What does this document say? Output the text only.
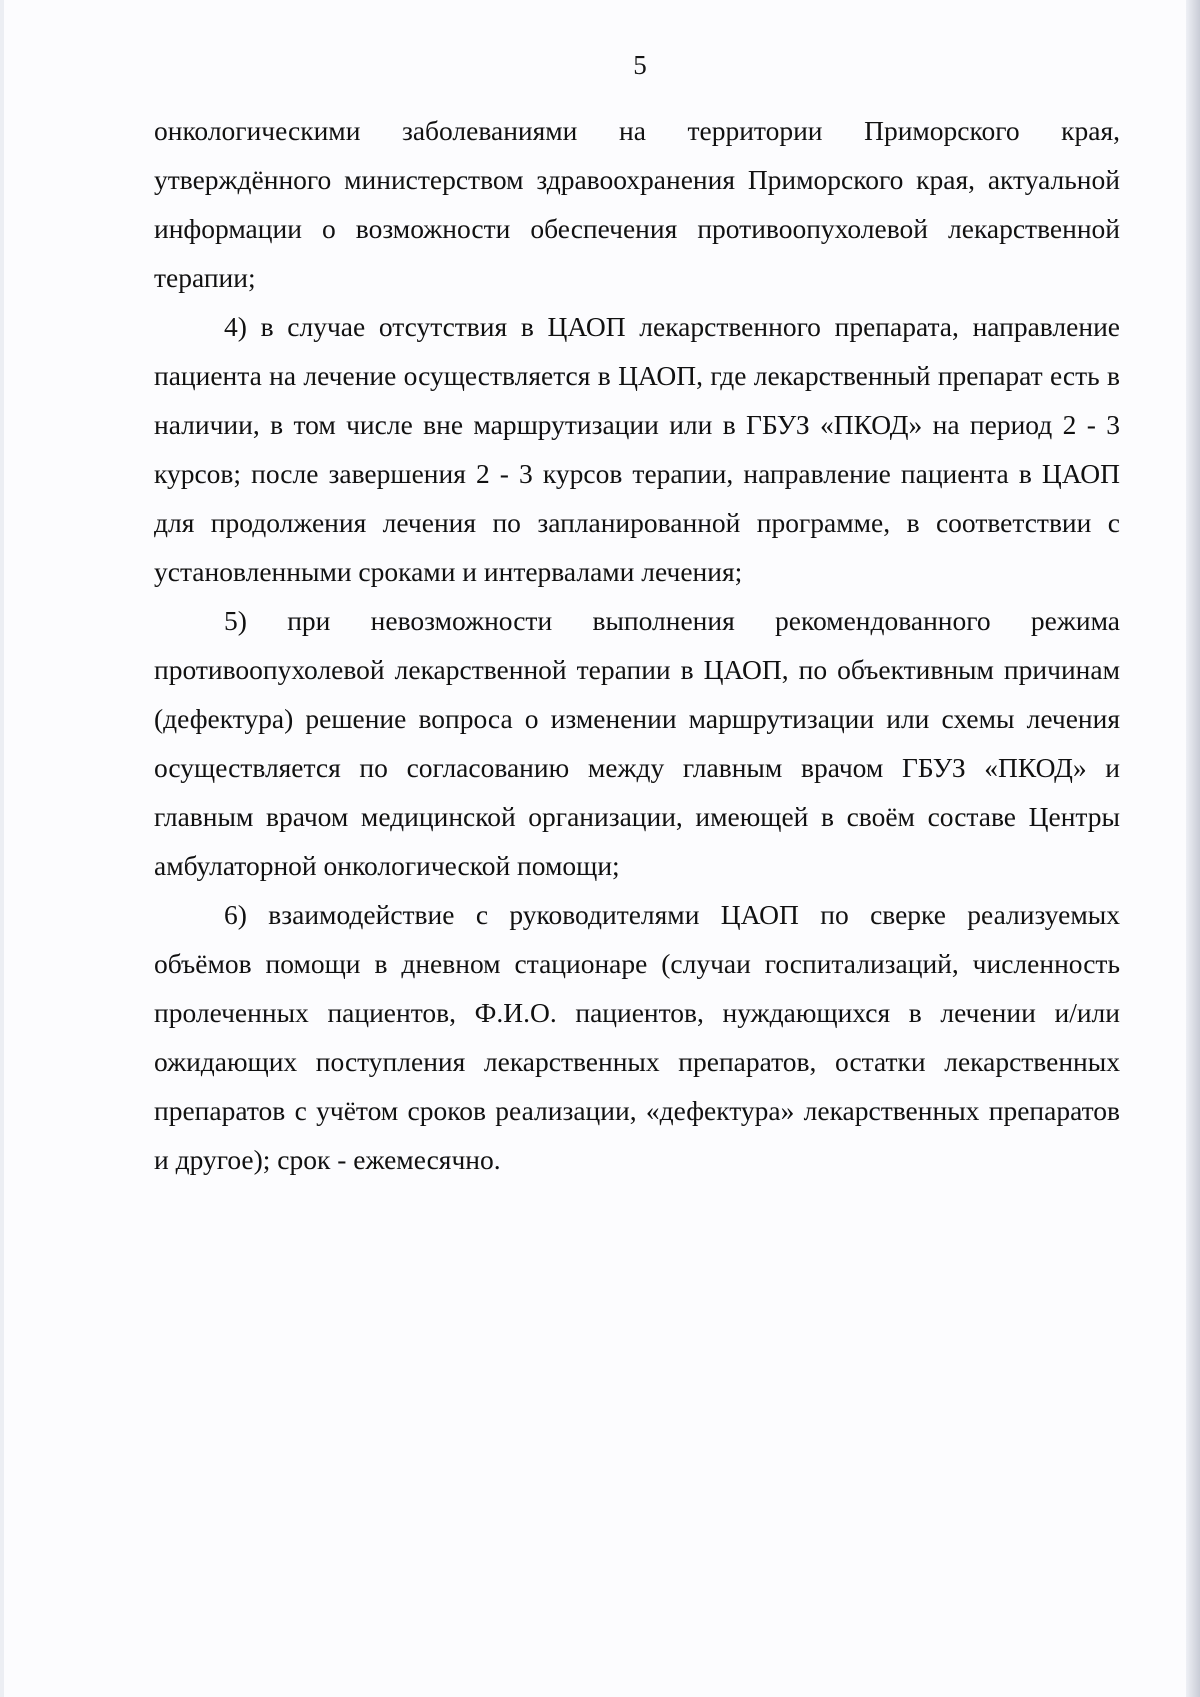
5

онкологическими заболеваниями на территории Приморского края, утверждённого министерством здравоохранения Приморского края, актуальной информации о возможности обеспечения противоопухолевой лекарственной терапии;

4) в случае отсутствия в ЦАОП лекарственного препарата, направление пациента на лечение осуществляется в ЦАОП, где лекарственный препарат есть в наличии, в том числе вне маршрутизации или в ГБУЗ «ПКОД» на период 2 - 3 курсов; после завершения 2 - 3 курсов терапии, направление пациента в ЦАОП для продолжения лечения по запланированной программе, в соответствии с установленными сроками и интервалами лечения;

5) при невозможности выполнения рекомендованного режима противоопухолевой лекарственной терапии в ЦАОП, по объективным причинам (дефектура) решение вопроса о изменении маршрутизации или схемы лечения осуществляется по согласованию между главным врачом ГБУЗ «ПКОД» и главным врачом медицинской организации, имеющей в своём составе Центры амбулаторной онкологической помощи;

6) взаимодействие с руководителями ЦАОП по сверке реализуемых объёмов помощи в дневном стационаре (случаи госпитализаций, численность пролеченных пациентов, Ф.И.О. пациентов, нуждающихся в лечении и/или ожидающих поступления лекарственных препаратов, остатки лекарственных препаратов с учётом сроков реализации, «дефектура» лекарственных препаратов и другое); срок - ежемесячно.
